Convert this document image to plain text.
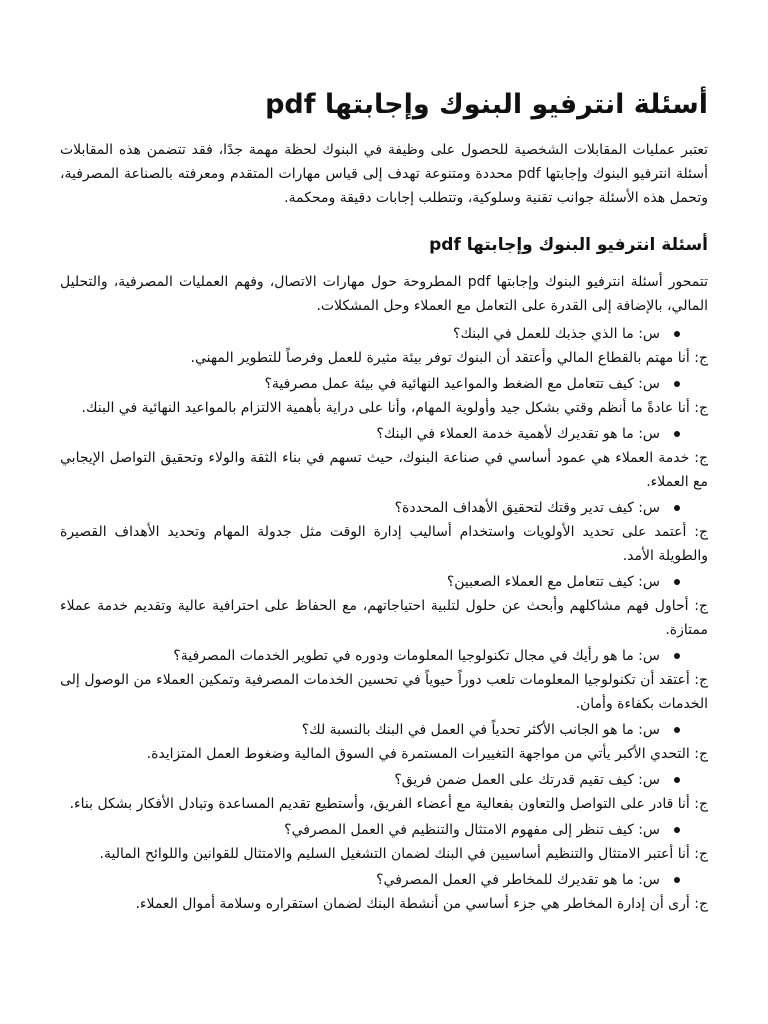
أسئلة انترفيو البنوك وإجابتها pdf

تعتبر عمليات المقابلات الشخصية للحصول على وظيفة في البنوك لحظة مهمة جدًا، فقد تتضمن هذه المقابلات أسئلة انترفيو البنوك وإجابتها pdf محددة ومتنوعة تهدف إلى قياس مهارات المتقدم ومعرفته بالصناعة المصرفية، وتحمل هذه الأسئلة جوانب تقنية وسلوكية، وتتطلب إجابات دقيقة ومحكمة.

أسئلة انترفيو البنوك وإجابتها pdf

تتمحور أسئلة انترفيو البنوك وإجابتها pdf المطروحة حول مهارات الاتصال، وفهم العمليات المصرفية، والتحليل المالي، بالإضافة إلى القدرة على التعامل مع العملاء وحل المشكلات.

س: ما الذي جذبك للعمل في البنك؟

ج: أنا مهتم بالقطاع المالي وأعتقد أن البنوك توفر بيئة مثيرة للعمل وفرصاً للتطوير المهني.

س: كيف تتعامل مع الضغط والمواعيد النهائية في بيئة عمل مصرفية؟

ج: أنا عادةً ما أنظم وقتي بشكل جيد وأولوية المهام، وأنا على دراية بأهمية الالتزام بالمواعيد النهائية في البنك.

س: ما هو تقديرك لأهمية خدمة العملاء في البنك؟

ج: خدمة العملاء هي عمود أساسي في صناعة البنوك، حيث تسهم في بناء الثقة والولاء وتحقيق التواصل الإيجابي مع العملاء.

س: كيف تدير وقتك لتحقيق الأهداف المحددة؟

ج: أعتمد على تحديد الأولويات واستخدام أساليب إدارة الوقت مثل جدولة المهام وتحديد الأهداف القصيرة والطويلة الأمد.

س: كيف تتعامل مع العملاء الصعبين؟

ج: أحاول فهم مشاكلهم وأبحث عن حلول لتلبية احتياجاتهم، مع الحفاظ على احترافية عالية وتقديم خدمة عملاء ممتازة.

س: ما هو رأيك في مجال تكنولوجيا المعلومات ودوره في تطوير الخدمات المصرفية؟

ج: أعتقد أن تكنولوجيا المعلومات تلعب دوراً حيوياً في تحسين الخدمات المصرفية وتمكين العملاء من الوصول إلى الخدمات بكفاءة وأمان.

س: ما هو الجانب الأكثر تحدياً في العمل في البنك بالنسبة لك؟

ج: التحدي الأكبر يأتي من مواجهة التغييرات المستمرة في السوق المالية وضغوط العمل المتزايدة.

س: كيف تقيم قدرتك على العمل ضمن فريق؟

ج: أنا قادر على التواصل والتعاون بفعالية مع أعضاء الفريق، وأستطيع تقديم المساعدة وتبادل الأفكار بشكل بناء.

س: كيف تنظر إلى مفهوم الامتثال والتنظيم في العمل المصرفي؟

ج: أنا أعتبر الامتثال والتنظيم أساسيين في البنك لضمان التشغيل السليم والامتثال للقوانين واللوائح المالية.

س: ما هو تقديرك للمخاطر في العمل المصرفي؟

ج: أرى أن إدارة المخاطر هي جزء أساسي من أنشطة البنك لضمان استقراره وسلامة أموال العملاء.
